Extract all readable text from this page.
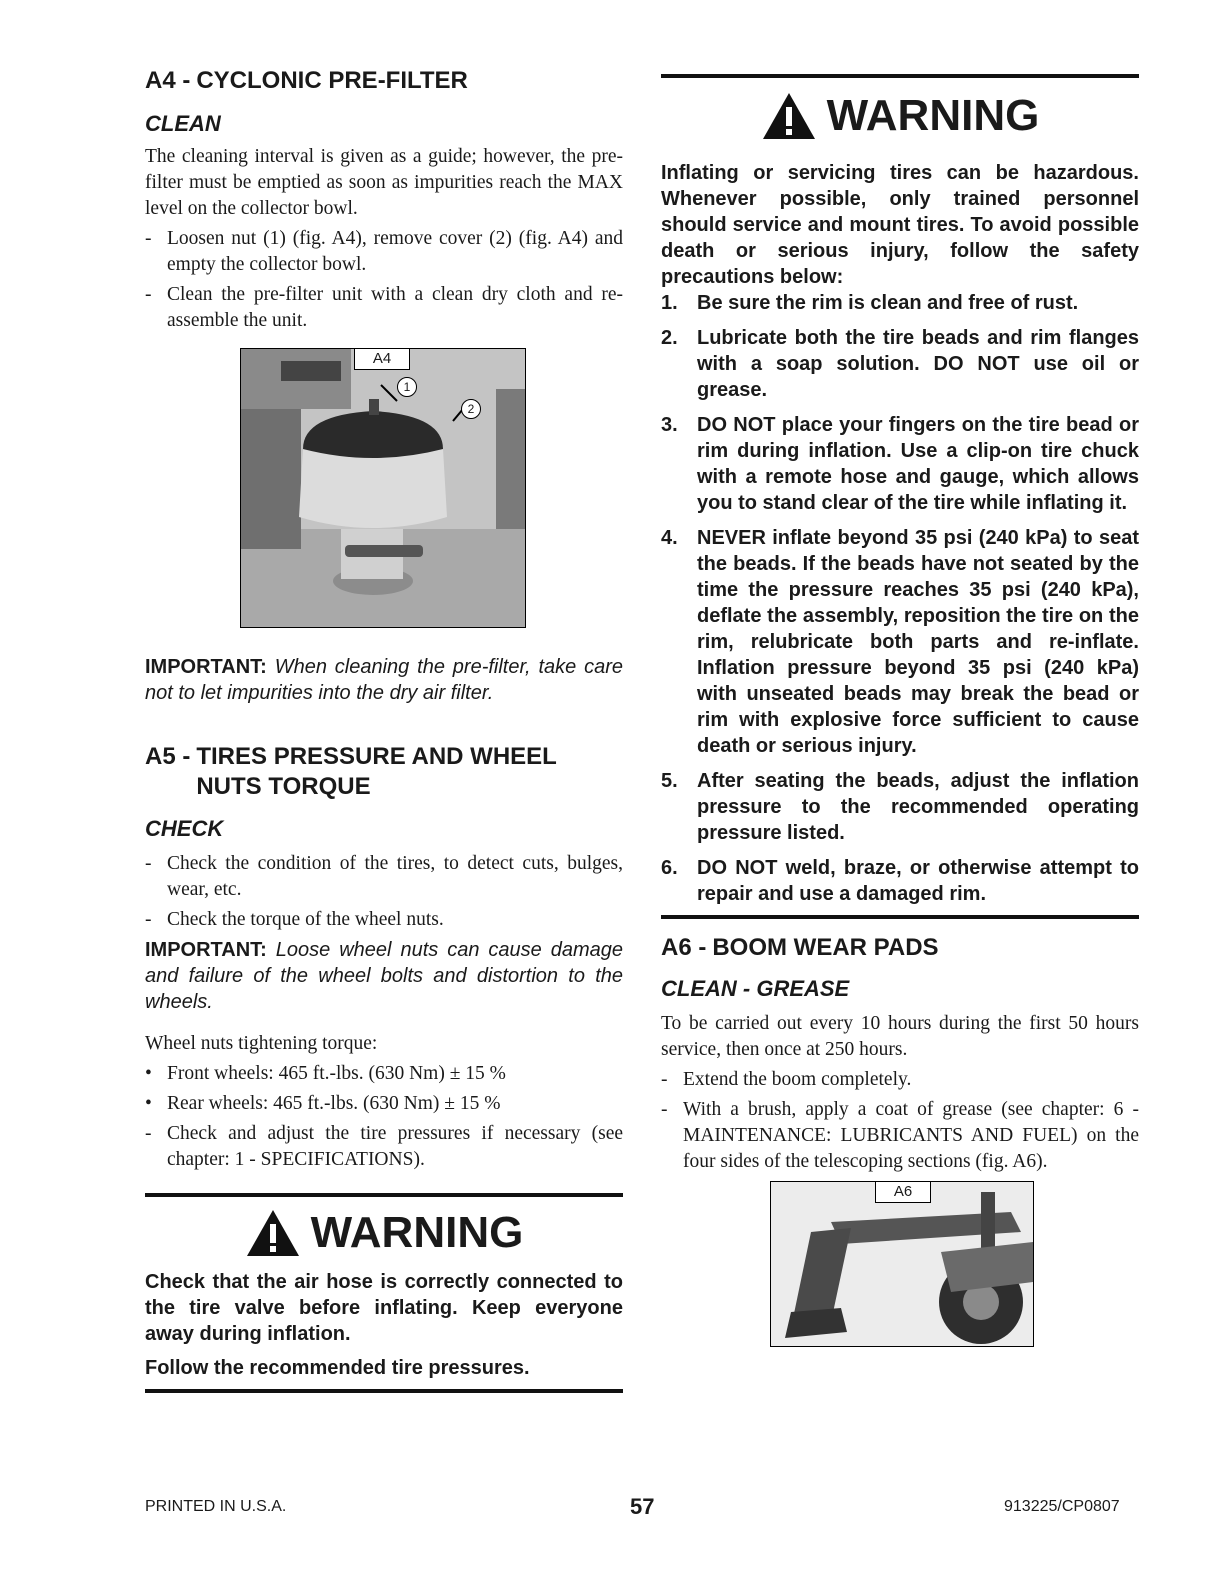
A4 - CYCLONIC PRE-FILTER
CLEAN

The cleaning interval is given as a guide; however, the pre-filter must be emptied as soon as impurities reach the MAX level on the collector bowl.

- Loosen nut (1) (fig. A4), remove cover (2) (fig. A4) and empty the collector bowl.
- Clean the pre-filter unit with a clean dry cloth and re-assemble the unit.
A4
1
2

IMPORTANT: When cleaning the pre-filter, take care not to let impurities into the dry air filter.

A5 - TIRES PRESSURE AND WHEEL NUTS TORQUE
CHECK
- Check the condition of the tires, to detect cuts, bulges, wear, etc.
- Check the torque of the wheel nuts.

IMPORTANT: Loose wheel nuts can cause damage and failure of the wheel bolts and distortion to the wheels.

Wheel nuts tightening torque:

• Front wheels: 465 ft.-lbs. (630 Nm) ± 15 %
• Rear wheels: 465 ft.-lbs. (630 Nm) ± 15 %
- Check and adjust the tire pressures if necessary (see chapter: 1 - SPECIFICATIONS).
WARNING

Check that the air hose is correctly connected to the tire valve before inflating. Keep everyone away during inflation.

Follow the recommended tire pressures.

WARNING

Inflating or servicing tires can be hazardous. Whenever possible, only trained personnel should service and mount tires. To avoid possible death or serious injury, follow the safety precautions below:

1. Be sure the rim is clean and free of rust.
2. Lubricate both the tire beads and rim flanges with a soap solution. DO NOT use oil or grease.
3. DO NOT place your fingers on the tire bead or rim during inflation. Use a clip-on tire chuck with a remote hose and gauge, which allows you to stand clear of the tire while inflating it.
4. NEVER inflate beyond 35 psi (240 kPa) to seat the beads. If the beads have not seated by the time the pressure reaches 35 psi (240 kPa), deflate the assembly, reposition the tire on the rim, relubricate both parts and re-inflate. Inflation pressure beyond 35 psi (240 kPa) with unseated beads may break the bead or rim with explosive force sufficient to cause death or serious injury.
5. After seating the beads, adjust the inflation pressure to the recommended operating pressure listed.
6. DO NOT weld, braze, or otherwise attempt to repair and use a damaged rim.
A6 - BOOM WEAR PADS
CLEAN - GREASE

To be carried out every 10 hours during the first 50 hours service, then once at 250 hours.

- Extend the boom completely.
- With a brush, apply a coat of grease (see chapter: 6 - MAINTENANCE: LUBRICANTS AND FUEL) on the four sides of the telescoping sections (fig. A6).
A6
PRINTED IN U.S.A.	57	913225/CP0807
